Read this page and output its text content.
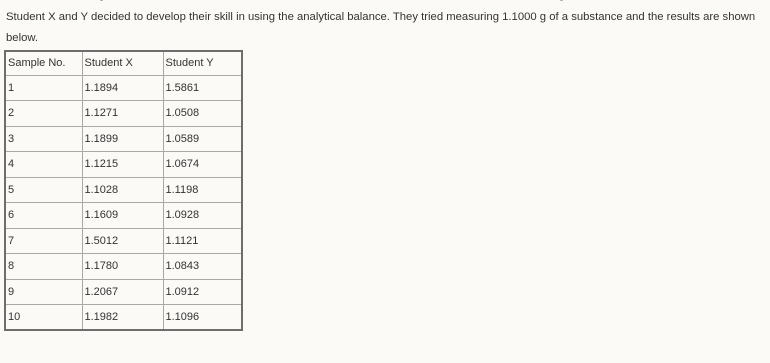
Student X and Y decided to develop their skill in using the analytical balance. They tried measuring 1.1000 g of a substance and the results are shown below.

Sample No.	Student X	Student Y
1	1.1894	1.5861
2	1.1271	1.0508
3	1.1899	1.0589
4	1.1215	1.0674
5	1.1028	1.1198
6	1.1609	1.0928
7	1.5012	1.1121
8	1.1780	1.0843
9	1.2067	1.0912
10	1.1982	1.1096
